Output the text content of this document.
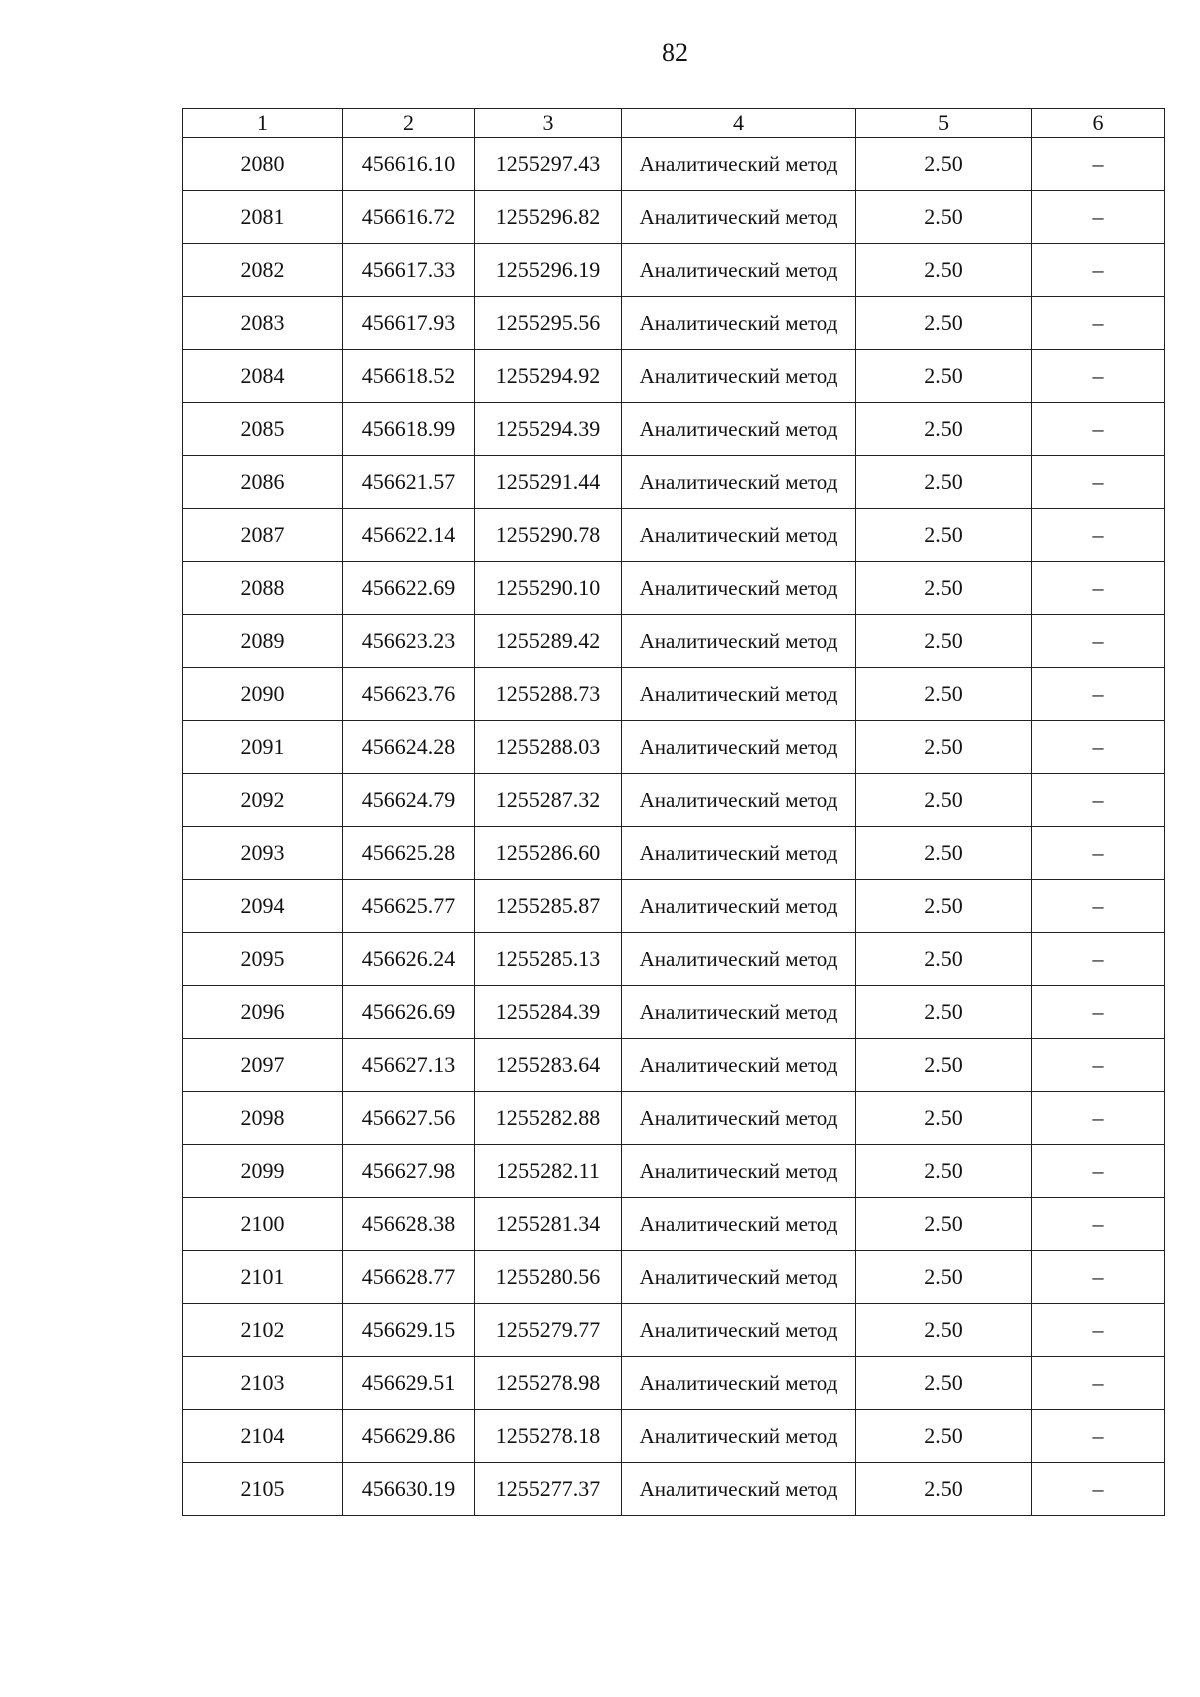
82
1	2	3	4	5	6
2080	456616.10	1255297.43	Аналитический метод	2.50	–
2081	456616.72	1255296.82	Аналитический метод	2.50	–
2082	456617.33	1255296.19	Аналитический метод	2.50	–
2083	456617.93	1255295.56	Аналитический метод	2.50	–
2084	456618.52	1255294.92	Аналитический метод	2.50	–
2085	456618.99	1255294.39	Аналитический метод	2.50	–
2086	456621.57	1255291.44	Аналитический метод	2.50	–
2087	456622.14	1255290.78	Аналитический метод	2.50	–
2088	456622.69	1255290.10	Аналитический метод	2.50	–
2089	456623.23	1255289.42	Аналитический метод	2.50	–
2090	456623.76	1255288.73	Аналитический метод	2.50	–
2091	456624.28	1255288.03	Аналитический метод	2.50	–
2092	456624.79	1255287.32	Аналитический метод	2.50	–
2093	456625.28	1255286.60	Аналитический метод	2.50	–
2094	456625.77	1255285.87	Аналитический метод	2.50	–
2095	456626.24	1255285.13	Аналитический метод	2.50	–
2096	456626.69	1255284.39	Аналитический метод	2.50	–
2097	456627.13	1255283.64	Аналитический метод	2.50	–
2098	456627.56	1255282.88	Аналитический метод	2.50	–
2099	456627.98	1255282.11	Аналитический метод	2.50	–
2100	456628.38	1255281.34	Аналитический метод	2.50	–
2101	456628.77	1255280.56	Аналитический метод	2.50	–
2102	456629.15	1255279.77	Аналитический метод	2.50	–
2103	456629.51	1255278.98	Аналитический метод	2.50	–
2104	456629.86	1255278.18	Аналитический метод	2.50	–
2105	456630.19	1255277.37	Аналитический метод	2.50	–
